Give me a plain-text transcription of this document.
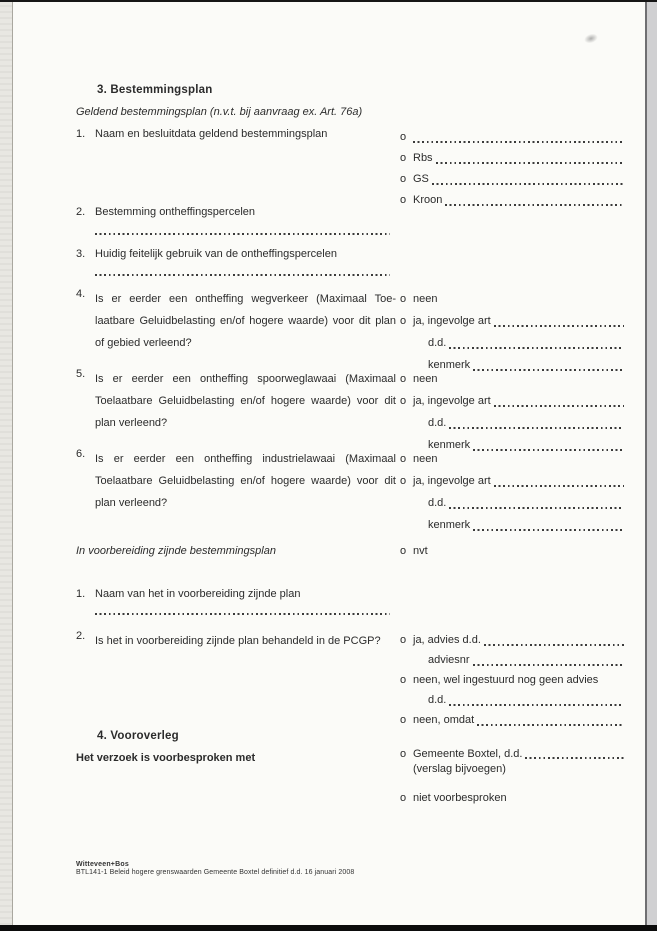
3. Bestemmingsplan
Geldend bestemmingsplan (n.v.t. bij aanvraag ex. Art. 76a)
1. Naam en besluitdata geldend bestemmingsplan	o
o Rbs
o GS
o Kroon
2. Bestemming ontheffingspercelen
3. Huidig feitelijk gebruik van de ontheffingspercelen
4. Is er eerder een ontheffing wegverkeer (Maximaal Toelaatbare Geluidbelasting en/of hogere waarde) voor dit plan of gebied verleend?
o neen
o ja, ingevolge art
d.d.
kenmerk
5. Is er eerder een ontheffing spoorweglawaai (Maximaal Toelaatbare Geluidbelasting en/of hogere waarde) voor dit plan verleend?
o neen
o ja, ingevolge art
d.d.
kenmerk
6. Is er eerder een ontheffing industrielawaai (Maximaal Toelaatbare Geluidbelasting en/of hogere waarde) voor dit plan verleend?
o neen
o ja, ingevolge art
d.d.
kenmerk
In voorbereiding zijnde bestemmingsplan	o nvt
1. Naam van het in voorbereiding zijnde plan
2. Is het in voorbereiding zijnde plan behandeld in de PCGP?	o ja, advies d.d.
adviesnr
o neen, wel ingestuurd nog geen advies
d.d.
o neen, omdat
4. Vooroverleg
Het verzoek is voorbesproken met	o Gemeente Boxtel, d.d.
(verslag bijvoegen)
o niet voorbesproken
Witteveen+Bos
BTL141-1 Beleid hogere grenswaarden Gemeente Boxtel definitief d.d. 16 januari 2008
